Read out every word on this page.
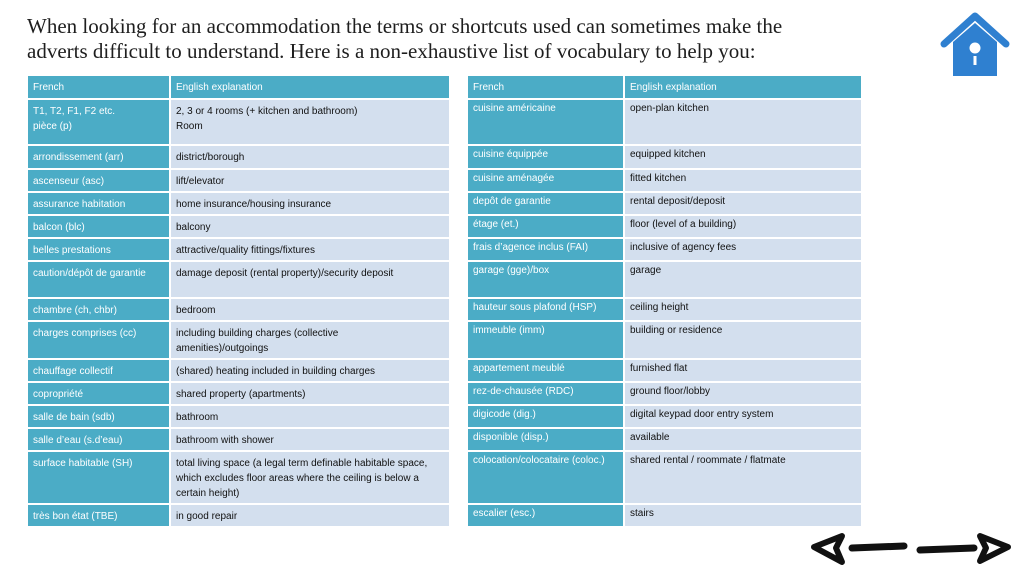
When looking for an accommodation the terms or shortcuts used can sometimes make the
adverts difficult to understand. Here is a non-exhaustive list of vocabulary to help you:
French	English explanation

T1, T2, F1, F2 etc.
pièce (p)	2, 3 or 4 rooms (+ kitchen and bathroom)
Room

arrondissement (arr)	district/borough

ascenseur (asc)	lift/elevator

assurance habitation	home insurance/housing insurance

balcon (blc)	balcony

belles prestations	attractive/quality fittings/fixtures

caution/dépôt de garantie	damage deposit (rental property)/security deposit

chambre (ch, chbr)	bedroom

charges comprises (cc)	including building charges (collective
amenities)/outgoings

chauffage collectif	(shared) heating included in building charges

copropriété	shared property (apartments)

salle de bain (sdb)	bathroom

salle d’eau (s.d’eau)	bathroom with shower

surface habitable (SH)	total living space (a legal term definable habitable space,
which excludes floor areas where the ceiling is below a
certain height)

très bon état (TBE)	in good repair
French	English explanation

cuisine américaine	open-plan kitchen

cuisine équippée	equipped kitchen

cuisine aménagée	fitted kitchen

depôt de garantie	rental deposit/deposit

étage (et.)	floor (level of a building)

frais d’agence inclus (FAI)	inclusive of agency fees

garage (gge)/box	garage

hauteur sous plafond (HSP)	ceiling height

immeuble (imm)	building or residence

appartement meublé	furnished flat

rez-de-chausée (RDC)	ground floor/lobby

digicode (dig.)	digital keypad door entry system

disponible (disp.)	available

colocation/colocataire (coloc.)	shared rental / roommate / flatmate

escalier (esc.)	stairs
